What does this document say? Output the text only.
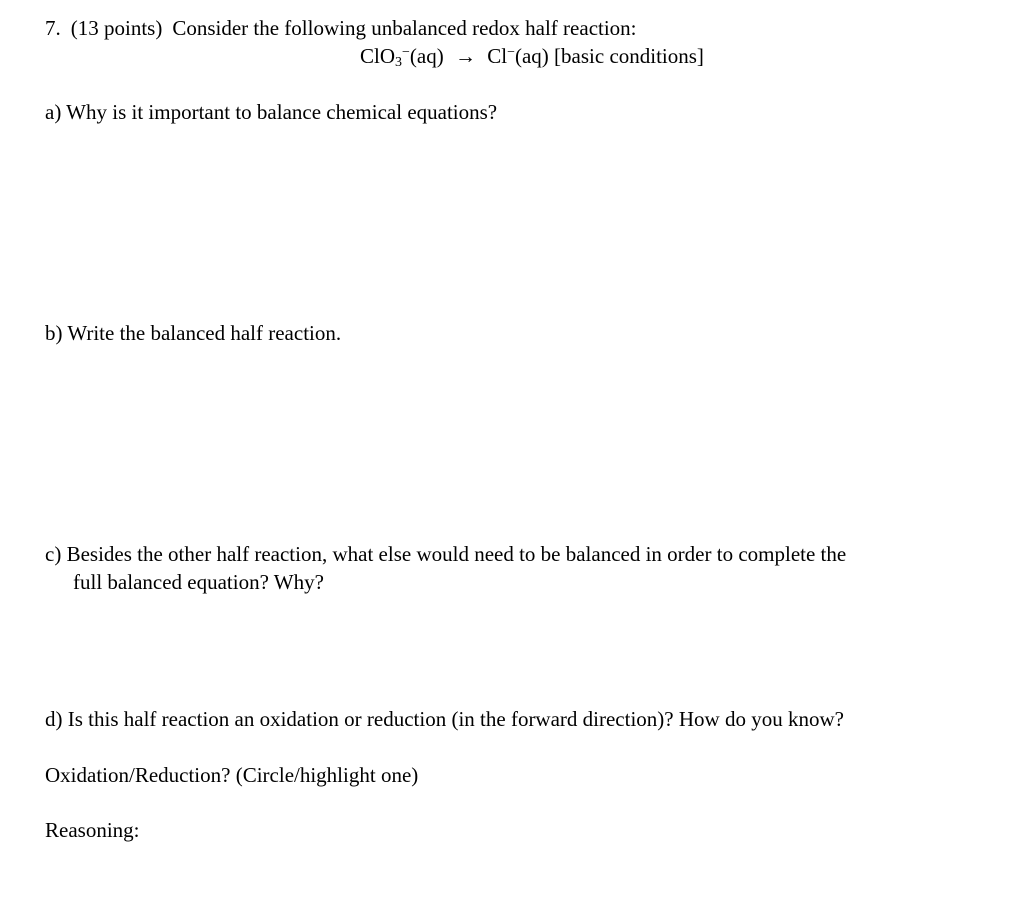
7. (13 points) Consider the following unbalanced redox half reaction:
ClO$_3$−(aq) → Cl−(aq) [basic conditions]
a) Why is it important to balance chemical equations?
b) Write the balanced half reaction.
c) Besides the other half reaction, what else would need to be balanced in order to complete the
full balanced equation? Why?
d) Is this half reaction an oxidation or reduction (in the forward direction)? How do you know?
Oxidation/Reduction? (Circle/highlight one)
Reasoning:
